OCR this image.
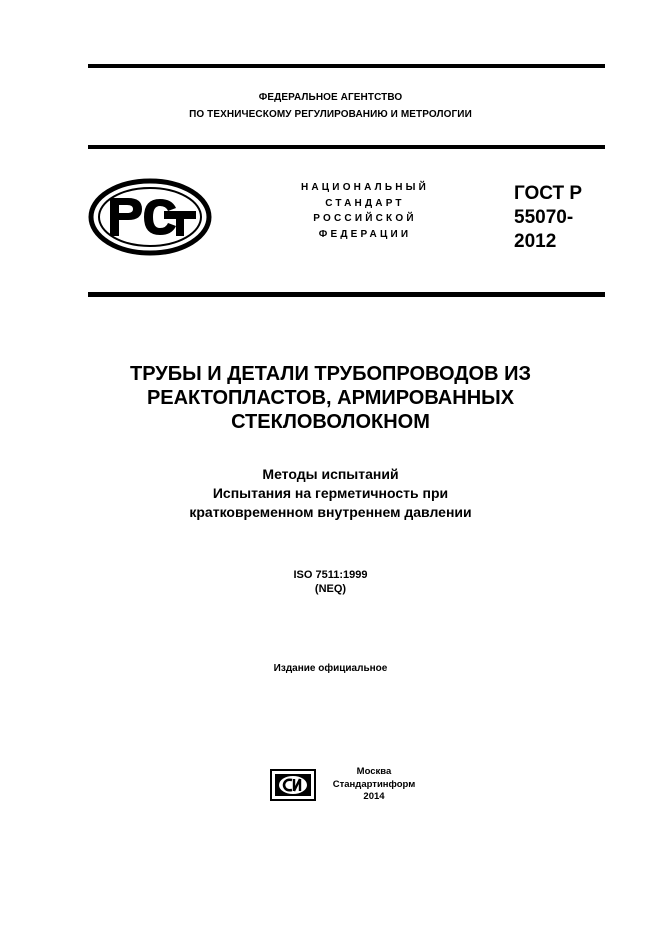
ФЕДЕРАЛЬНОЕ АГЕНТСТВО
ПО ТЕХНИЧЕСКОМУ РЕГУЛИРОВАНИЮ И МЕТРОЛОГИИ
НАЦИОНАЛЬНЫЙ
СТАНДАРТ
РОССИЙСКОЙ
ФЕДЕРАЦИИ
ГОСТ Р
55070-
2012
ТРУБЫ И ДЕТАЛИ ТРУБОПРОВОДОВ ИЗ
РЕАКТОПЛАСТОВ, АРМИРОВАННЫХ
СТЕКЛОВОЛОКНОМ
Методы испытаний
Испытания на герметичность при
кратковременном внутреннем давлении
ISO 7511:1999
(NEQ)
Издание официальное
Москва
Стандартинформ
2014
